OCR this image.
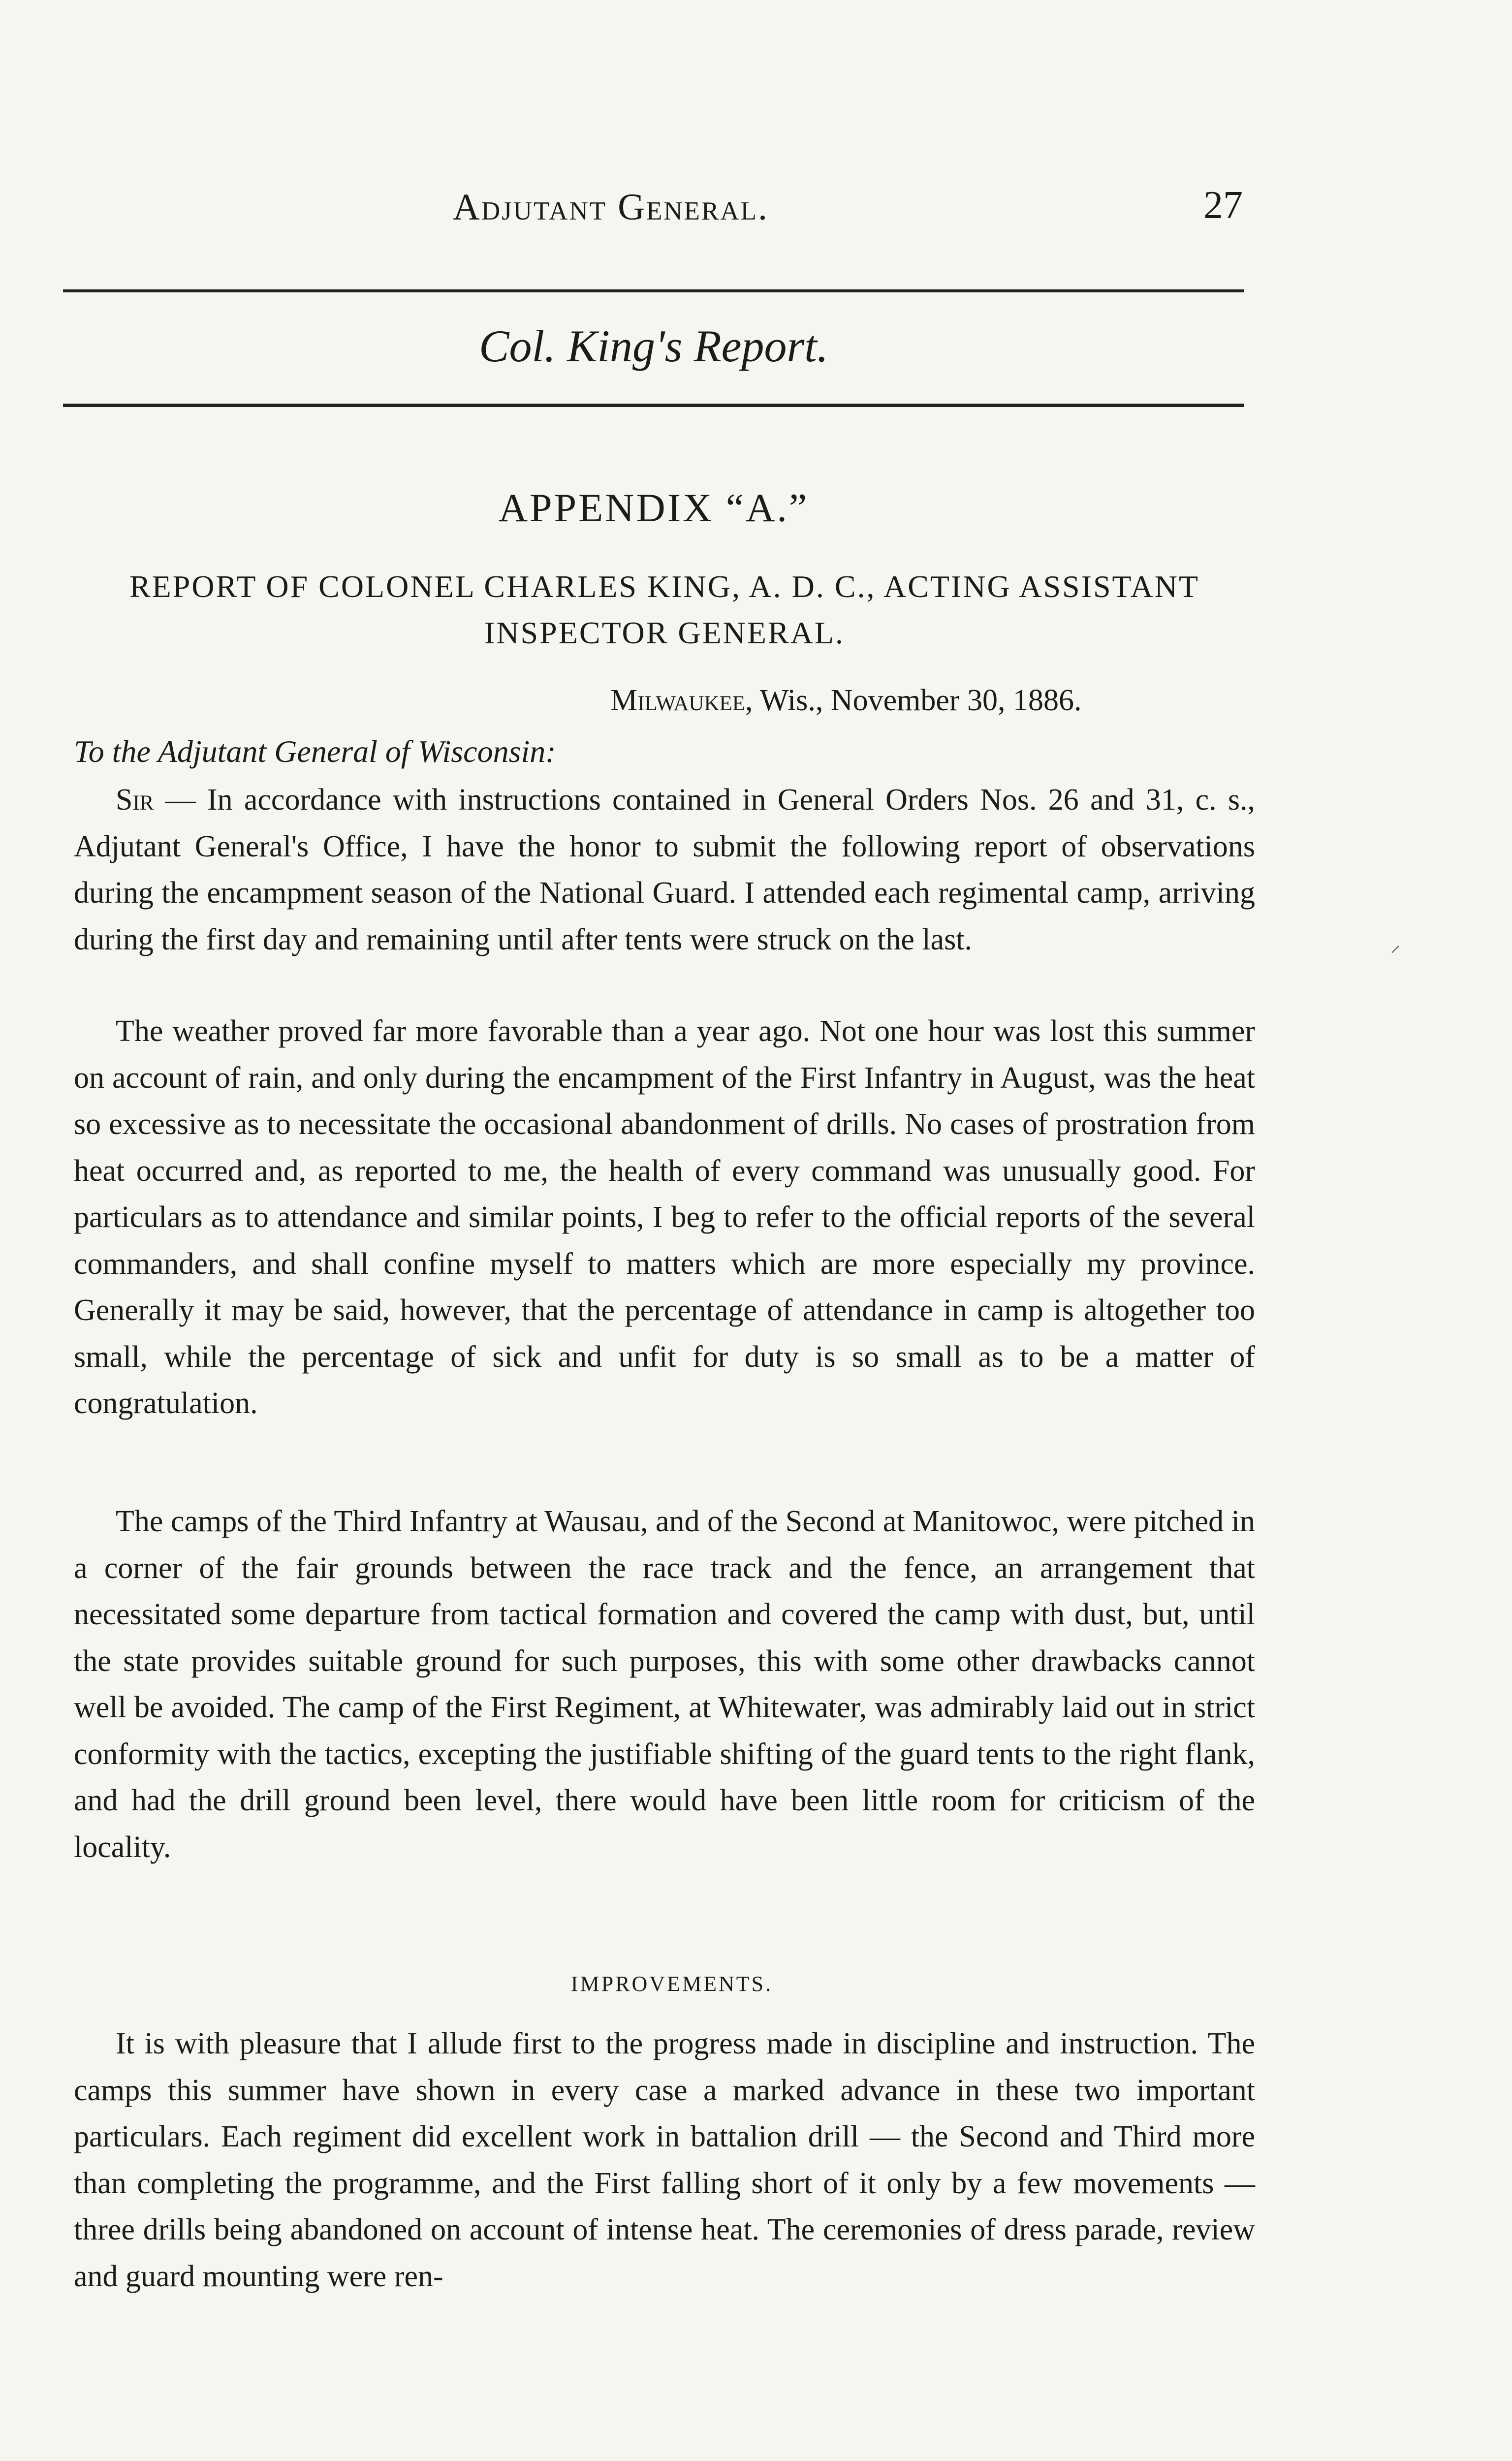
Adjutant General.	27
Col. King's Report.
APPENDIX “A.”
REPORT OF COLONEL CHARLES KING, A. D. C., ACTING ASSISTANT INSPECTOR GENERAL.
Milwaukee, Wis., November 30, 1886.
To the Adjutant General of Wisconsin:

Sir — In accordance with instructions contained in General Orders Nos. 26 and 31, c. s., Adjutant General's Office, I have the honor to submit the following report of observations during the encampment season of the National Guard. I attended each regimental camp, arriving during the first day and remaining until after tents were struck on the last.

The weather proved far more favorable than a year ago. Not one hour was lost this summer on account of rain, and only during the encampment of the First Infantry in August, was the heat so excessive as to necessitate the occasional abandonment of drills. No cases of prostration from heat occurred and, as reported to me, the health of every command was unusually good. For particulars as to attendance and similar points, I beg to refer to the official reports of the several commanders, and shall confine myself to matters which are more especially my province. Generally it may be said, however, that the percentage of attendance in camp is altogether too small, while the percentage of sick and unfit for duty is so small as to be a matter of congratulation.

The camps of the Third Infantry at Wausau, and of the Second at Manitowoc, were pitched in a corner of the fair grounds between the race track and the fence, an arrangement that necessitated some departure from tactical formation and covered the camp with dust, but, until the state provides suitable ground for such purposes, this with some other drawbacks cannot well be avoided. The camp of the First Regiment, at Whitewater, was admirably laid out in strict conformity with the tactics, excepting the justifiable shifting of the guard tents to the right flank, and had the drill ground been level, there would have been little room for criticism of the locality.

IMPROVEMENTS.

It is with pleasure that I allude first to the progress made in discipline and instruction. The camps this summer have shown in every case a marked advance in these two important particulars. Each regiment did excellent work in battalion drill — the Second and Third more than completing the programme, and the First falling short of it only by a few movements — three drills being abandoned on account of intense heat. The ceremonies of dress parade, review and guard mounting were ren-

⸝
